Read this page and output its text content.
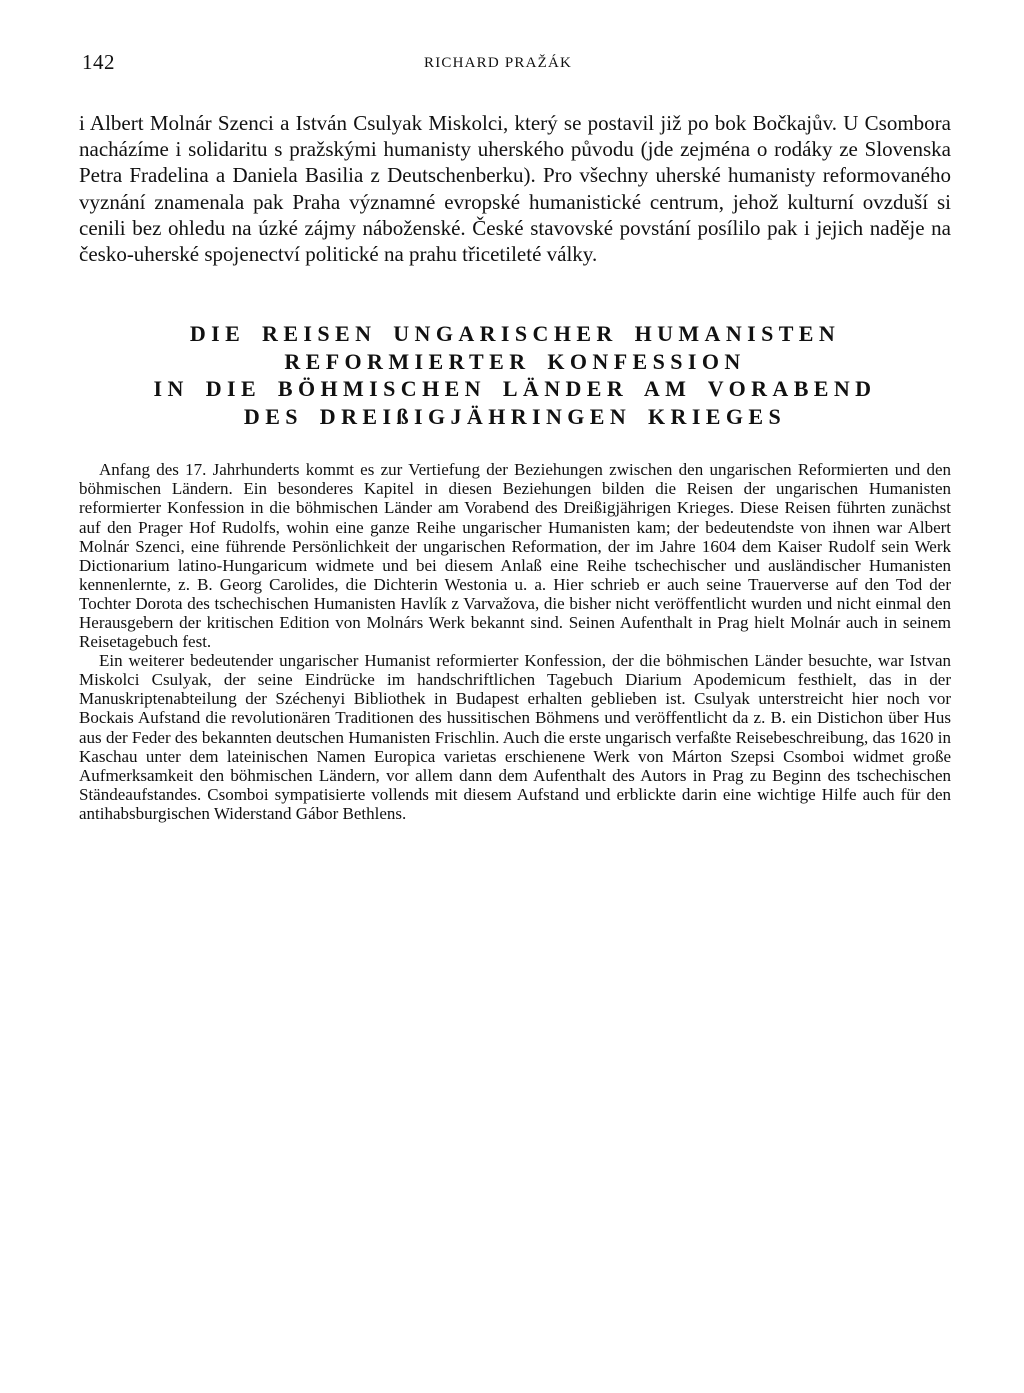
142	RICHARD PRAŽÁK

i Albert Molnár Szenci a István Csulyak Miskolci, který se postavil již po bok Bočkajův. U Csombora nacházíme i solidaritu s pražskými humanisty uherského původu (jde zejména o rodáky ze Slovenska Petra Fradelina a Daniela Basilia z Deutschenberku). Pro všechny uherské humanisty reformovaného vyznání znamenala pak Praha významné evropské humanistické centrum, jehož kulturní ovzduší si cenili bez ohledu na úzké zájmy náboženské. České stavovské povstání posílilo pak i jejich naděje na česko-uherské spojenectví politické na prahu třicetileté války.

DIE REISEN UNGARISCHER HUMANISTEN
REFORMIERTER KONFESSION
IN DIE BÖHMISCHEN LÄNDER AM VORABEND
DES DREIßIGJÄHRINGEN KRIEGES

Anfang des 17. Jahrhunderts kommt es zur Vertiefung der Beziehungen zwischen den ungarischen Reformierten und den böhmischen Ländern. Ein besonderes Kapitel in diesen Beziehungen bilden die Reisen der ungarischen Humanisten reformierter Konfession in die böhmischen Länder am Vorabend des Dreißigjährigen Krieges. Diese Reisen führten zunächst auf den Prager Hof Rudolfs, wohin eine ganze Reihe ungarischer Humanisten kam; der bedeutendste von ihnen war Albert Molnár Szenci, eine führende Persönlichkeit der ungarischen Reformation, der im Jahre 1604 dem Kaiser Rudolf sein Werk Dictionarium latino-Hungaricum widmete und bei diesem Anlaß eine Reihe tschechischer und ausländischer Humanisten kennenlernte, z. B. Georg Carolides, die Dichterin Westonia u. a. Hier schrieb er auch seine Trauerverse auf den Tod der Tochter Dorota des tschechischen Humanisten Havlík z Varvažova, die bisher nicht veröffentlicht wurden und nicht einmal den Herausgebern der kritischen Edition von Molnárs Werk bekannt sind. Seinen Aufenthalt in Prag hielt Molnár auch in seinem Reisetagebuch fest.

Ein weiterer bedeutender ungarischer Humanist reformierter Konfession, der die böhmischen Länder besuchte, war Istvan Miskolci Csulyak, der seine Eindrücke im handschriftlichen Tagebuch Diarium Apodemicum festhielt, das in der Manuskriptenabteilung der Széchenyi Bibliothek in Budapest erhalten geblieben ist. Csulyak unterstreicht hier noch vor Bockais Aufstand die revolutionären Traditionen des hussitischen Böhmens und veröffentlicht da z. B. ein Distichon über Hus aus der Feder des bekannten deutschen Humanisten Frischlin. Auch die erste ungarisch verfaßte Reisebeschreibung, das 1620 in Kaschau unter dem lateinischen Namen Europica varietas erschienene Werk von Márton Szepsi Csomboi widmet große Aufmerksamkeit den böhmischen Ländern, vor allem dann dem Aufenthalt des Autors in Prag zu Beginn des tschechischen Ständeaufstandes. Csomboi sympatisierte vollends mit diesem Aufstand und erblickte darin eine wichtige Hilfe auch für den antihabsburgischen Widerstand Gábor Bethlens.
